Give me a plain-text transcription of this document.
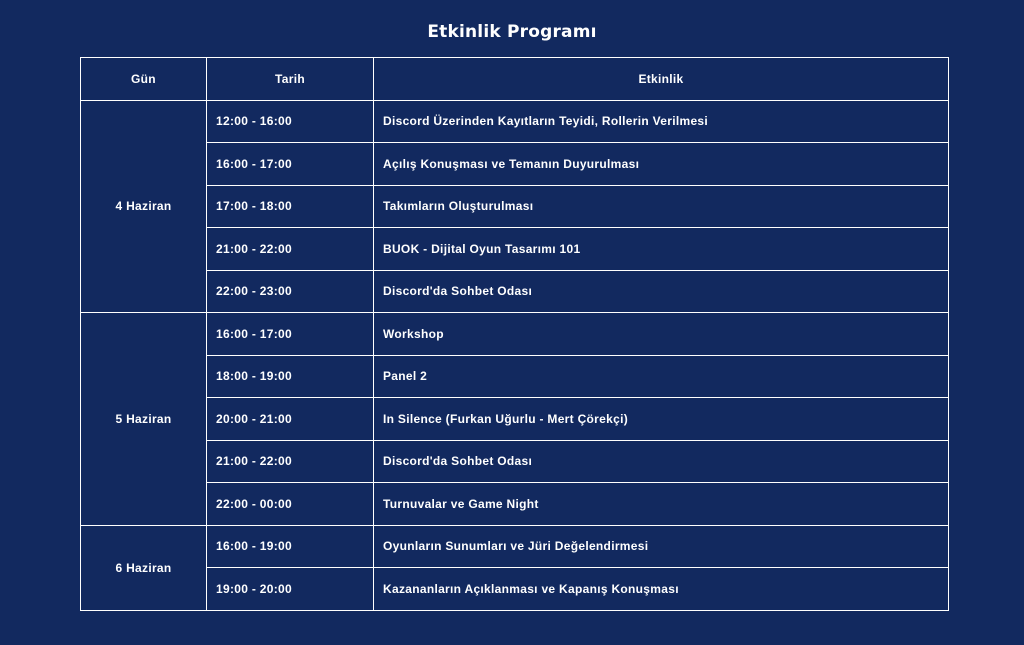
Etkinlik Programı
Gün	Tarih	Etkinlik
4 Haziran	12:00 - 16:00	Discord Üzerinden Kayıtların Teyidi, Rollerin Verilmesi
	16:00 - 17:00	Açılış Konuşması ve Temanın Duyurulması
	17:00 - 18:00	Takımların Oluşturulması
	21:00 - 22:00	BUOK - Dijital Oyun Tasarımı 101
	22:00 - 23:00	Discord'da Sohbet Odası
5 Haziran	16:00 - 17:00	Workshop
	18:00 - 19:00	Panel 2
	20:00 - 21:00	In Silence (Furkan Uğurlu - Mert Çörekçi)
	21:00 - 22:00	Discord'da Sohbet Odası
	22:00 - 00:00	Turnuvalar ve Game Night
6 Haziran	16:00 - 19:00	Oyunların Sunumları ve Jüri Değelendirmesi
	19:00 - 20:00	Kazananların Açıklanması ve Kapanış Konuşması
